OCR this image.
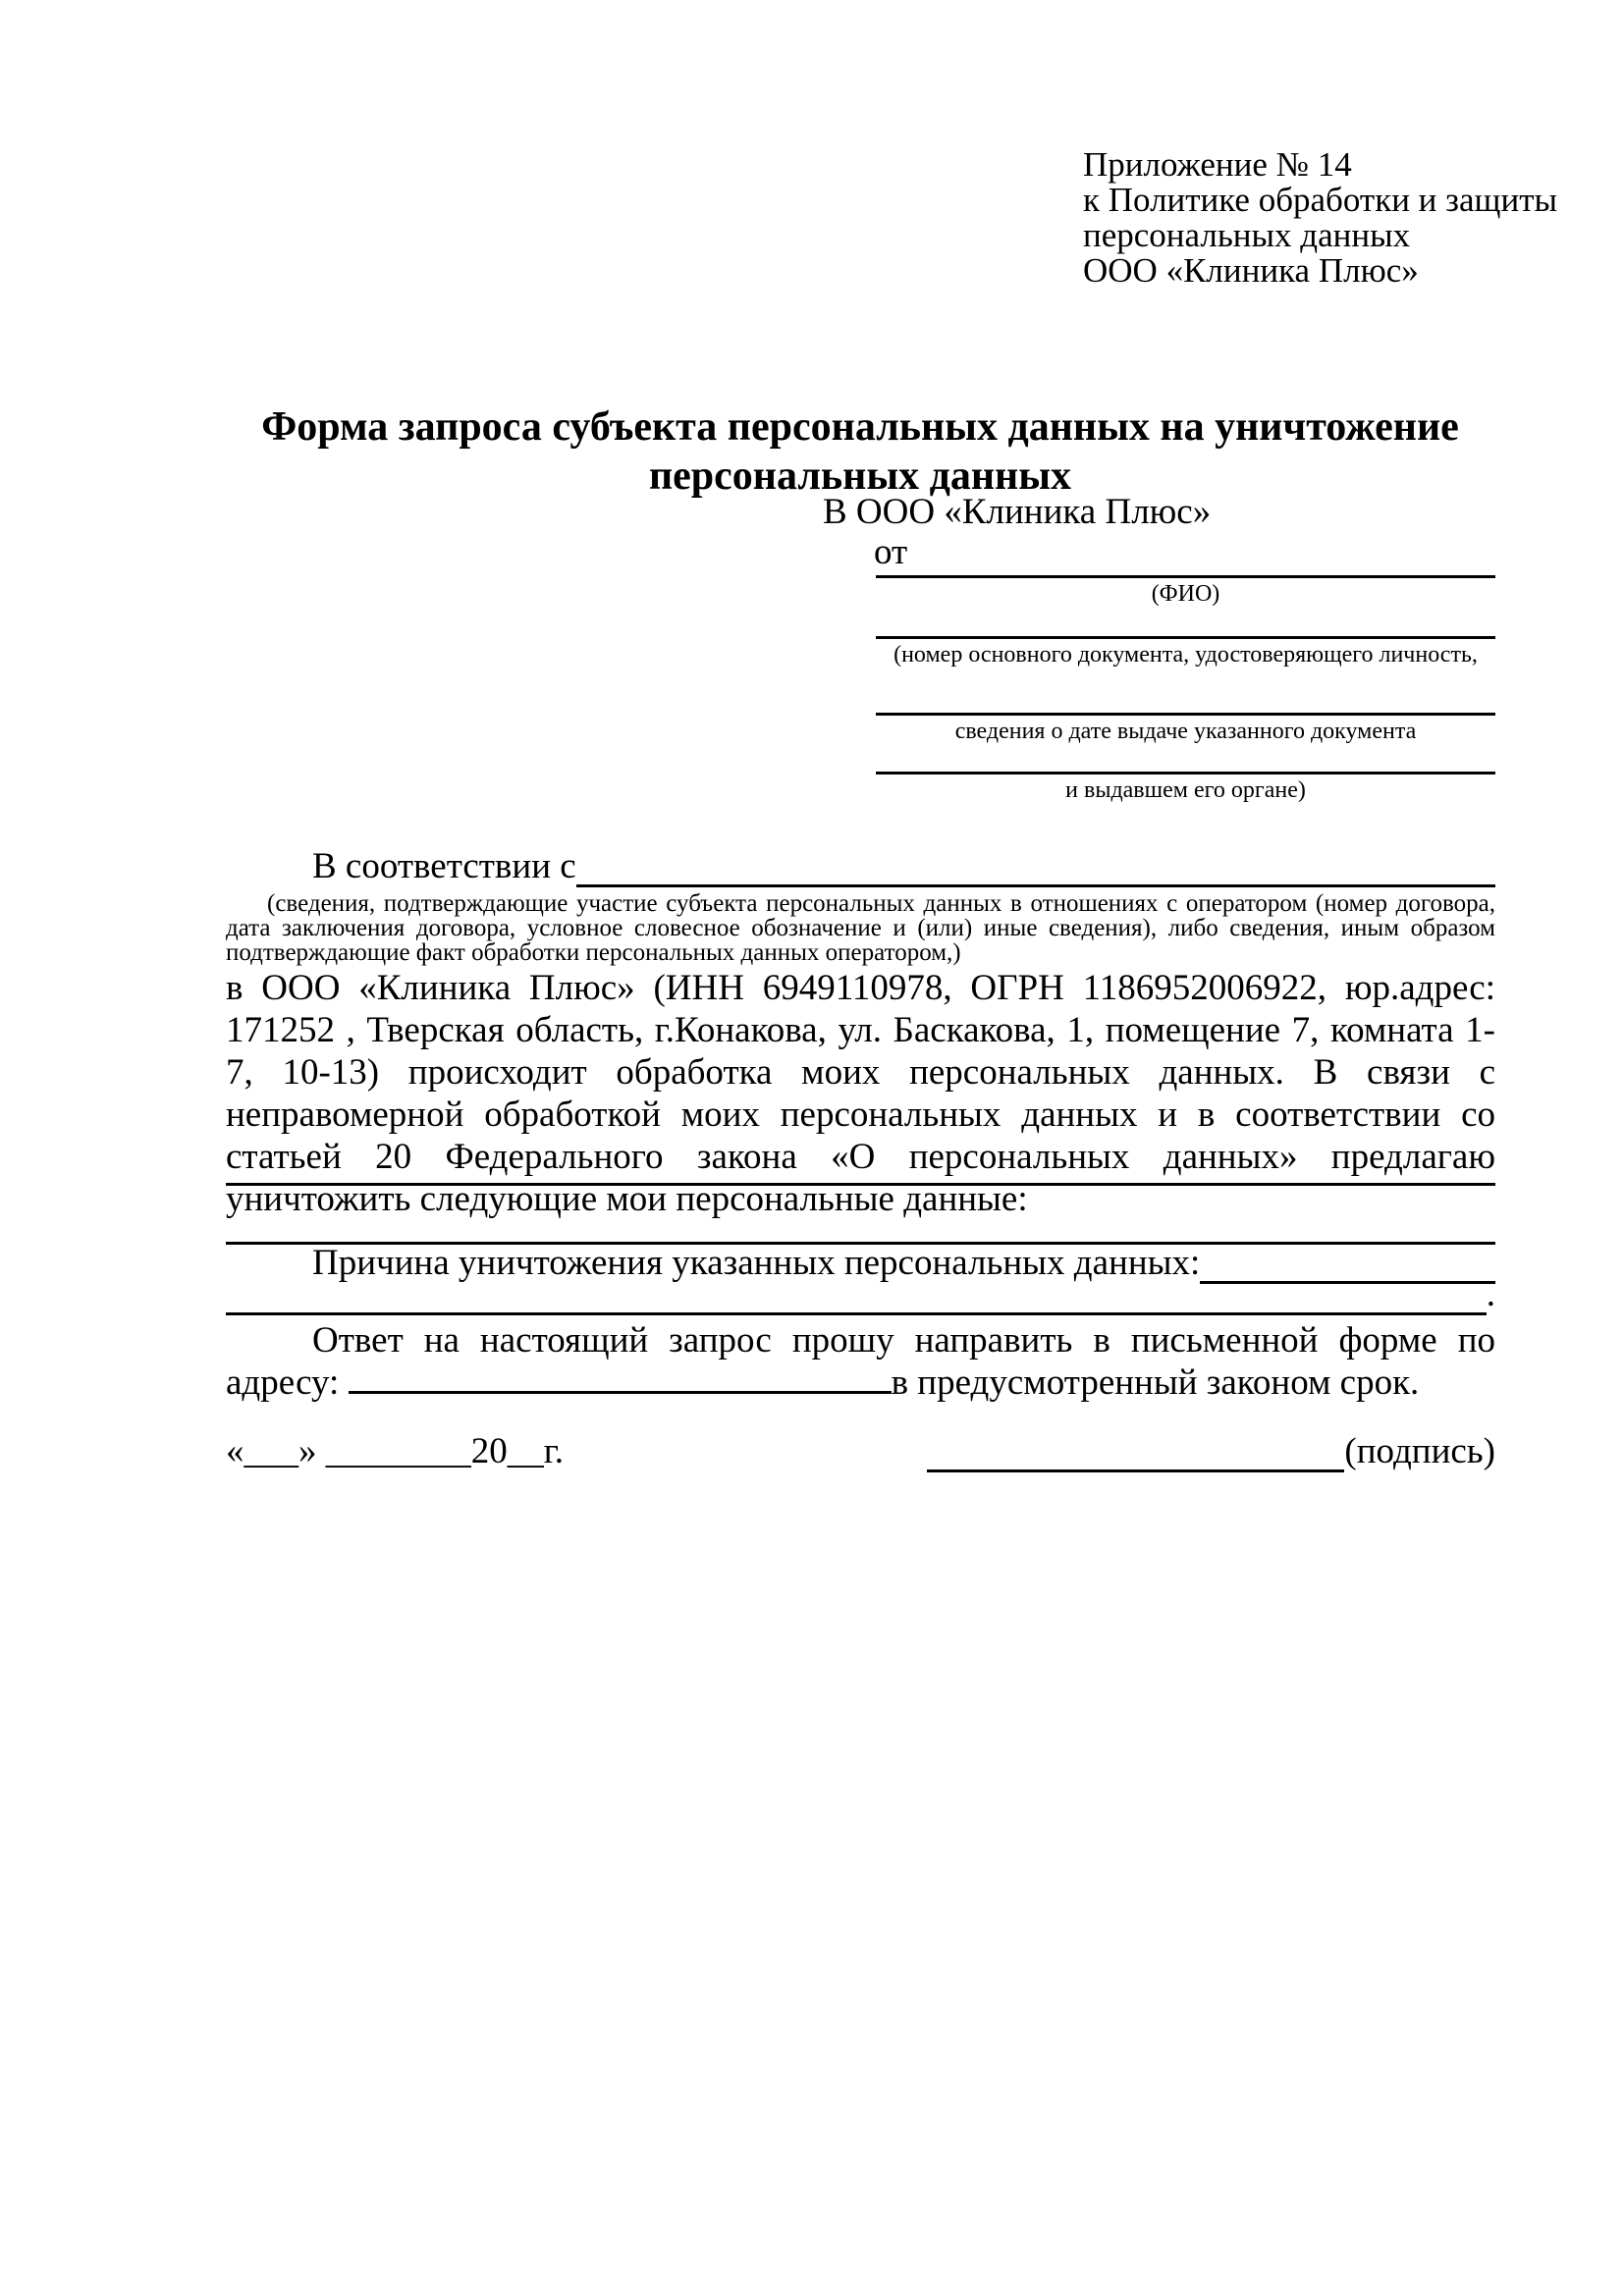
Приложение № 14
к Политике обработки и защиты
персональных данных
ООО «Клиника Плюс»
Форма запроса субъекта персональных данных на уничтожение персональных данных
В ООО «Клиника Плюс»
от
(ФИО)
(номер основного документа, удостоверяющего личность,
сведения о дате выдаче указанного документа
и выдавшем его органе)
В соответствии с
(сведения, подтверждающие участие субъекта персональных данных в отношениях с оператором (номер договора, дата заключения договора, условное словесное обозначение и (или) иные сведения), либо сведения, иным образом подтверждающие факт обработки персональных данных оператором,)
в ООО «Клиника Плюс» (ИНН 6949110978, ОГРН 1186952006922, юр.адрес: 171252 , Тверская область, г.Конакова, ул. Баскакова, 1, помещение 7, комната 1-7, 10-13) происходит обработка моих персональных данных. В связи с неправомерной обработкой моих персональных данных и в соответствии со статьей 20 Федерального закона «О персональных данных» предлагаю уничтожить следующие мои персональные данные:
Причина уничтожения указанных персональных данных:
.
Ответ на настоящий запрос прошу направить в письменной форме по адресу:	в предусмотренный законом срок.
«___» ________20__г.	(подпись)
